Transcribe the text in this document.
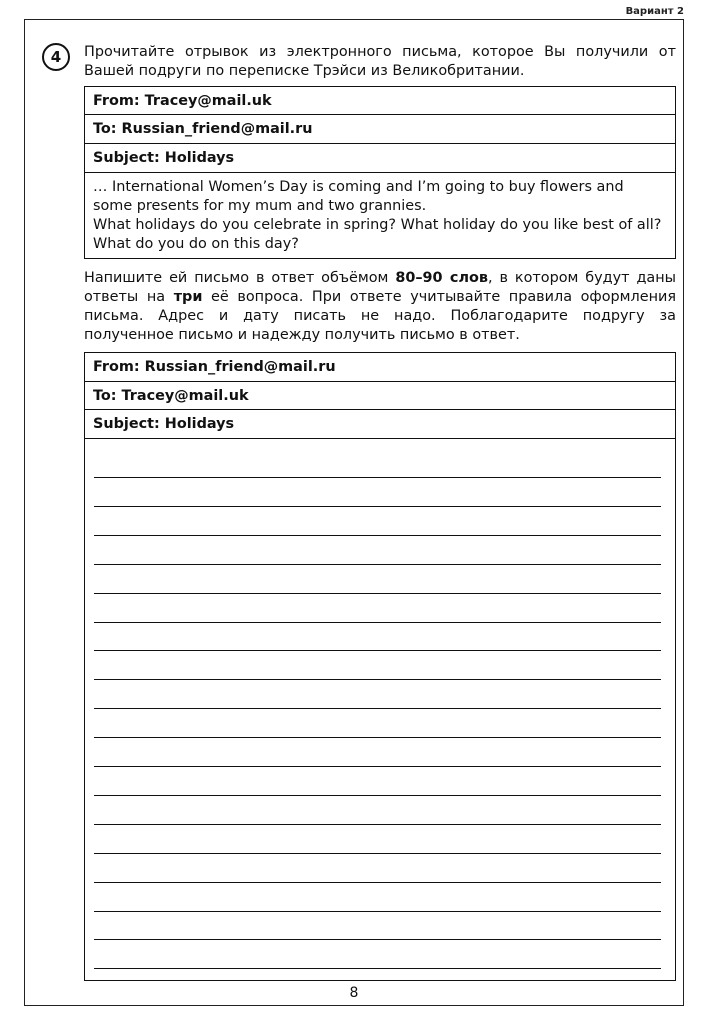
Вариант 2
4	Прочитайте отрывок из электронного письма, которое Вы получили от Вашей подруги по переписке Трэйси из Великобритании.
From: Tracey@mail.uk
To: Russian_friend@mail.ru
Subject: Holidays
… International Women’s Day is coming and I’m going to buy flowers and some presents for my mum and two grannies.
What holidays do you celebrate in spring? What holiday do you like best of all? What do you do on this day?
Напишите ей письмо в ответ объёмом 80–90 слов, в котором будут даны ответы на три её вопроса. При ответе учитывайте правила оформления письма. Адрес и дату писать не надо. Поблагодарите подругу за полученное письмо и надежду получить письмо в ответ.
From: Russian_friend@mail.ru
To: Tracey@mail.uk
Subject: Holidays
8
